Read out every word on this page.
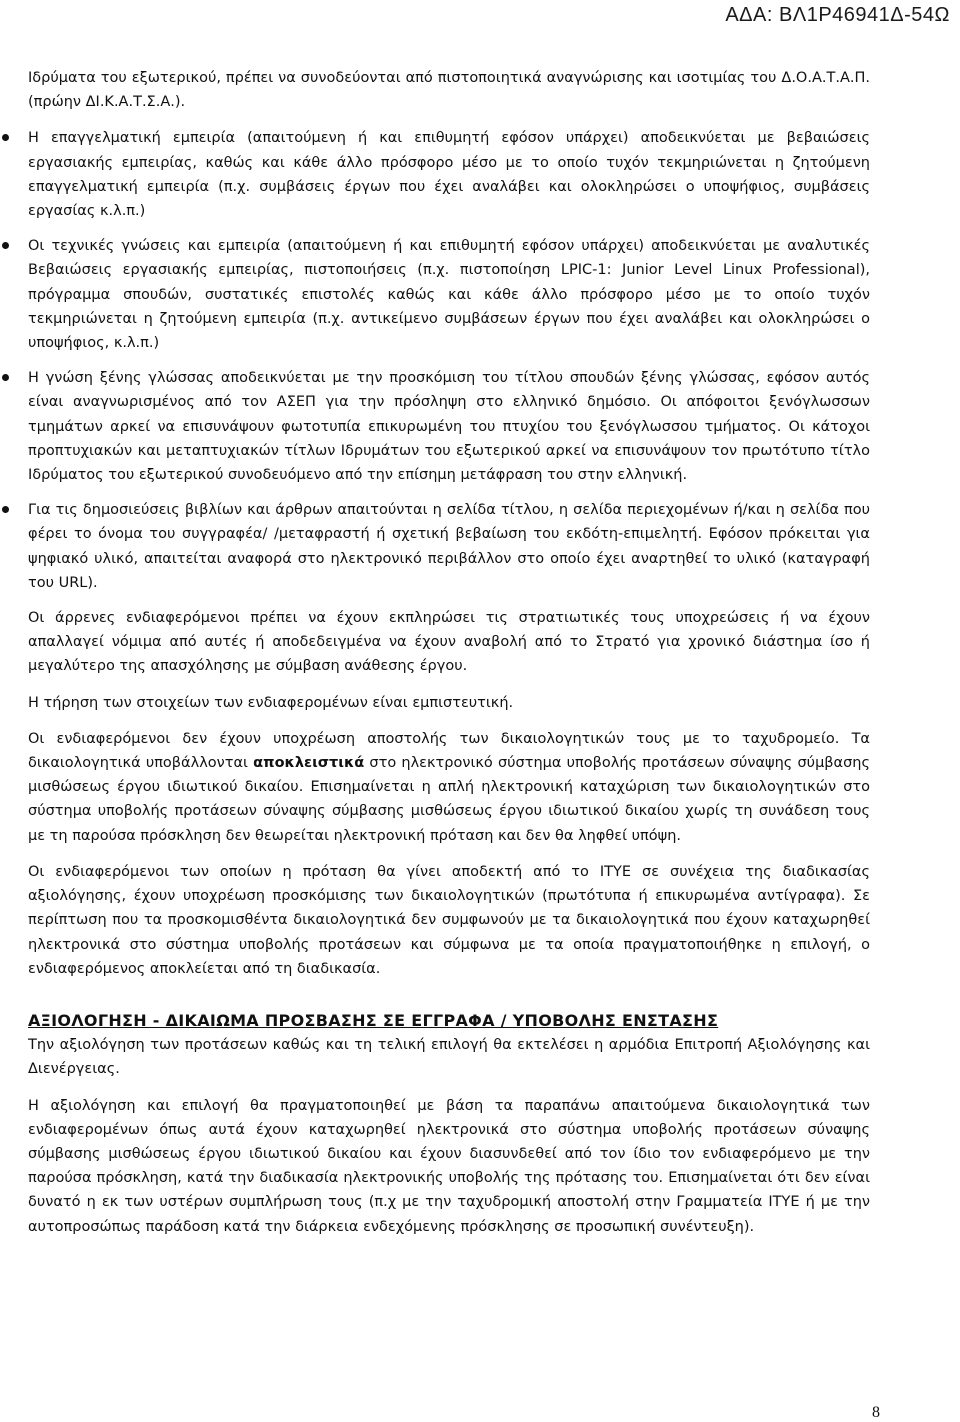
ΑΔΑ: ΒΛ1Ρ46941Δ-54Ω

Ιδρύματα του εξωτερικού, πρέπει να συνοδεύονται από πιστοποιητικά αναγνώρισης και ισοτιμίας του Δ.Ο.Α.Τ.Α.Π. (πρώην ΔΙ.Κ.Α.Τ.Σ.Α.).

Η επαγγελματική εμπειρία (απαιτούμενη ή και επιθυμητή εφόσον υπάρχει) αποδεικνύεται με βεβαιώσεις εργασιακής εμπειρίας, καθώς και κάθε άλλο πρόσφορο μέσο με το οποίο τυχόν τεκμηριώνεται η ζητούμενη επαγγελματική εμπειρία (π.χ. συμβάσεις έργων που έχει αναλάβει και ολοκληρώσει ο υποψήφιος, συμβάσεις εργασίας κ.λ.π.)
Οι τεχνικές γνώσεις και εμπειρία (απαιτούμενη ή και επιθυμητή εφόσον υπάρχει) αποδεικνύεται με αναλυτικές Βεβαιώσεις εργασιακής εμπειρίας, πιστοποιήσεις (π.χ. πιστοποίηση LPIC-1: Junior Level Linux Professional), πρόγραμμα σπουδών, συστατικές επιστολές καθώς και κάθε άλλο πρόσφορο μέσο με το οποίο τυχόν τεκμηριώνεται η ζητούμενη εμπειρία (π.χ. αντικείμενο συμβάσεων έργων που έχει αναλάβει και ολοκληρώσει ο υποψήφιος, κ.λ.π.)
Η γνώση ξένης γλώσσας αποδεικνύεται με την προσκόμιση του τίτλου σπουδών ξένης γλώσσας, εφόσον αυτός είναι αναγνωρισμένος από τον ΑΣΕΠ για την πρόσληψη στο ελληνικό δημόσιο. Οι απόφοιτοι ξενόγλωσσων τμημάτων αρκεί να επισυνάψουν φωτοτυπία επικυρωμένη του πτυχίου του ξενόγλωσσου τμήματος. Οι κάτοχοι προπτυχιακών και μεταπτυχιακών τίτλων Ιδρυμάτων του εξωτερικού αρκεί να επισυνάψουν τον πρωτότυπο τίτλο Ιδρύματος του εξωτερικού συνοδευόμενο από την επίσημη μετάφραση του στην ελληνική.
Για τις δημοσιεύσεις βιβλίων και άρθρων απαιτούνται η σελίδα τίτλου, η σελίδα περιεχομένων ή/και η σελίδα που φέρει το όνομα του συγγραφέα/ /μεταφραστή ή σχετική βεβαίωση του εκδότη-επιμελητή. Εφόσον πρόκειται για ψηφιακό υλικό, απαιτείται αναφορά στο ηλεκτρονικό περιβάλλον στο οποίο έχει αναρτηθεί το υλικό (καταγραφή του URL).

Οι άρρενες ενδιαφερόμενοι πρέπει να έχουν εκπληρώσει τις στρατιωτικές τους υποχρεώσεις ή να έχουν απαλλαγεί νόμιμα από αυτές ή αποδεδειγμένα να έχουν αναβολή από το Στρατό για χρονικό διάστημα ίσο ή μεγαλύτερο της απασχόλησης με σύμβαση ανάθεσης έργου.

Η τήρηση των στοιχείων των ενδιαφερομένων είναι εμπιστευτική.

Οι ενδιαφερόμενοι δεν έχουν υποχρέωση αποστολής των δικαιολογητικών τους με το ταχυδρομείο. Τα δικαιολογητικά υποβάλλονται αποκλειστικά στο ηλεκτρονικό σύστημα υποβολής προτάσεων σύναψης σύμβασης μισθώσεως έργου ιδιωτικού δικαίου. Επισημαίνεται η απλή ηλεκτρονική καταχώριση των δικαιολογητικών στο σύστημα υποβολής προτάσεων σύναψης σύμβασης μισθώσεως έργου ιδιωτικού δικαίου χωρίς τη συνάδεση τους με τη παρούσα πρόσκληση δεν θεωρείται ηλεκτρονική πρόταση και δεν θα ληφθεί υπόψη.

Οι ενδιαφερόμενοι των οποίων η πρόταση θα γίνει αποδεκτή από το ΙΤΥΕ σε συνέχεια της διαδικασίας αξιολόγησης, έχουν υποχρέωση προσκόμισης των δικαιολογητικών (πρωτότυπα ή επικυρωμένα αντίγραφα). Σε περίπτωση που τα προσκομισθέντα δικαιολογητικά δεν συμφωνούν με τα δικαιολογητικά που έχουν καταχωρηθεί ηλεκτρονικά στο σύστημα υποβολής προτάσεων και σύμφωνα με τα οποία πραγματοποιήθηκε η επιλογή, ο ενδιαφερόμενος αποκλείεται από τη διαδικασία.

ΑΞΙΟΛΟΓΗΣΗ - ΔΙΚΑΙΩΜΑ ΠΡΟΣΒΑΣΗΣ ΣΕ ΕΓΓΡΑΦΑ / ΥΠΟΒΟΛΗΣ ΕΝΣΤΑΣΗΣ

Την αξιολόγηση των προτάσεων καθώς και τη τελική επιλογή θα εκτελέσει η αρμόδια Επιτροπή Αξιολόγησης και Διενέργειας.

Η αξιολόγηση και επιλογή θα πραγματοποιηθεί με βάση τα παραπάνω απαιτούμενα δικαιολογητικά των ενδιαφερομένων όπως αυτά έχουν καταχωρηθεί ηλεκτρονικά στο σύστημα υποβολής προτάσεων σύναψης σύμβασης μισθώσεως έργου ιδιωτικού δικαίου και έχουν διασυνδεθεί από τον ίδιο τον ενδιαφερόμενο με την παρούσα πρόσκληση, κατά την διαδικασία ηλεκτρονικής υποβολής της πρότασης του. Επισημαίνεται ότι δεν είναι δυνατό η εκ των υστέρων συμπλήρωση τους (π.χ με την ταχυδρομική αποστολή στην Γραμματεία ΙΤΥΕ ή με την αυτοπροσώπως παράδοση κατά την διάρκεια ενδεχόμενης πρόσκλησης σε προσωπική συνέντευξη).

8
